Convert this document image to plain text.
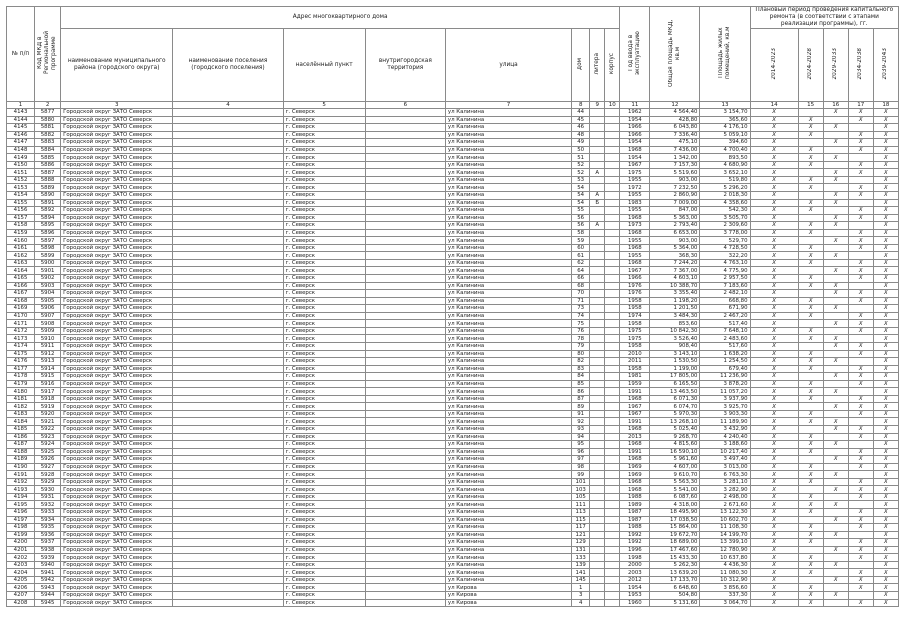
№ п/п	Код МКД в Региональной программе	Адрес многоквартирного дома								Год ввода в эксплуатацию	Общая площадь МКД, кв.м	Площадь жилых помещений, кв.м	Плановый период проведения капитального ремонта (в соответствии с этапами реализации программы), гг.				
		наименование муниципального района (городского округа)	наименование поселения (городского поселения)	населённый пункт	внутригородская территория	улица	дом	литера	корпус				2014-2023	2024-2028	2029-2033	2034-2038	2039-2043
1	2	3	4	5	6	7	8	9	10	11	12	13	14	15	16	17	18
4143	5877	Городской округ ЗАТО Северск		г. Северск		ул Калинина	44			1962	4 564,40	3 154,70	X		X	X	X
4144	5880	Городской округ ЗАТО Северск		г. Северск		ул Калинина	45			1954	428,80	365,60	X	X		X	X
4145	5881	Городской округ ЗАТО Северск		г. Северск		ул Калинина	46			1966	6 043,80	4 176,10	X	X	X		X
4146	5882	Городской округ ЗАТО Северск		г. Северск		ул Калинина	48			1966	7 336,40	5 059,10	X	X		X	X
4147	5883	Городской округ ЗАТО Северск		г. Северск		ул Калинина	49			1954	475,10	394,60	X		X	X	X
4148	5884	Городской округ ЗАТО Северск		г. Северск		ул Калинина	50			1968	7 436,00	4 700,40	X	X		X	X
4149	5885	Городской округ ЗАТО Северск		г. Северск		ул Калинина	51			1954	1 342,00	893,50	X	X	X		X
4150	5886	Городской округ ЗАТО Северск		г. Северск		ул Калинина	52			1967	7 157,30	4 680,90	X	X		X	X
4151	5887	Городской округ ЗАТО Северск		г. Северск		ул Калинина	52	А		1975	5 519,60	3 652,10	X		X	X	X
4152	5888	Городской округ ЗАТО Северск		г. Северск		ул Калинина	53			1955	903,00	519,80	X	X	X		X
4153	5889	Городской округ ЗАТО Северск		г. Северск		ул Калинина	54			1972	7 232,50	5 296,20	X	X		X	X
4154	5890	Городской округ ЗАТО Северск		г. Северск		ул Калинина	54	А		1955	2 860,90	2 018,30	X		X	X	X
4155	5891	Городской округ ЗАТО Северск		г. Северск		ул Калинина	54	Б		1983	7 009,00	4 358,60	X	X	X		X
4156	5892	Городской округ ЗАТО Северск		г. Северск		ул Калинина	55			1955	847,00	542,30	X	X		X	X
4157	5894	Городской округ ЗАТО Северск		г. Северск		ул Калинина	56			1968	5 363,00	3 505,70	X		X	X	X
4158	5895	Городской округ ЗАТО Северск		г. Северск		ул Калинина	56	А		1973	2 793,40	2 309,60	X	X	X		X
4159	5896	Городской округ ЗАТО Северск		г. Северск		ул Калинина	58			1968	6 653,00	3 778,00	X	X		X	X
4160	5897	Городской округ ЗАТО Северск		г. Северск		ул Калинина	59			1955	903,00	529,70	X		X	X	X
4161	5898	Городской округ ЗАТО Северск		г. Северск		ул Калинина	60			1968	5 364,00	4 728,50	X	X		X	X
4162	5899	Городской округ ЗАТО Северск		г. Северск		ул Калинина	61			1955	368,30	322,20	X	X	X		X
4163	5900	Городской округ ЗАТО Северск		г. Северск		ул Калинина	62			1968	7 244,20	4 763,10	X	X		X	X
4164	5901	Городской округ ЗАТО Северск		г. Северск		ул Калинина	64			1967	7 367,00	4 775,90	X		X	X	X
4165	5902	Городской округ ЗАТО Северск		г. Северск		ул Калинина	66			1966	4 603,10	2 957,50	X	X		X	X
4166	5903	Городской округ ЗАТО Северск		г. Северск		ул Калинина	68			1976	10 388,70	7 183,60	X	X	X		X
4167	5904	Городской округ ЗАТО Северск		г. Северск		ул Калинина	70			1976	3 355,40	2 482,10	X		X	X	X
4168	5905	Городской округ ЗАТО Северск		г. Северск		ул Калинина	71			1958	1 198,20	668,80	X	X		X	X
4169	5906	Городской округ ЗАТО Северск		г. Северск		ул Калинина	73			1958	1 201,50	671,90	X	X	X		X
4170	5907	Городской округ ЗАТО Северск		г. Северск		ул Калинина	74			1974	3 484,30	2 467,20	X	X		X	X
4171	5908	Городской округ ЗАТО Северск		г. Северск		ул Калинина	75			1958	853,60	517,40	X		X	X	X
4172	5909	Городской округ ЗАТО Северск		г. Северск		ул Калинина	76			1975	10 842,30	7 648,10	X	X		X	X
4173	5910	Городской округ ЗАТО Северск		г. Северск		ул Калинина	78			1975	3 526,40	2 483,60	X	X	X		X
4174	5911	Городской округ ЗАТО Северск		г. Северск		ул Калинина	79			1958	908,40	517,60	X		X	X	X
4175	5912	Городской округ ЗАТО Северск		г. Северск		ул Калинина	80			2010	3 143,10	1 638,20	X	X		X	X
4176	5913	Городской округ ЗАТО Северск		г. Северск		ул Калинина	82			2011	1 530,50	1 254,50	X	X	X		X
4177	5914	Городской округ ЗАТО Северск		г. Северск		ул Калинина	83			1958	1 199,00	679,40	X	X		X	X
4178	5915	Городской округ ЗАТО Северск		г. Северск		ул Калинина	84			1981	17 805,00	11 236,90	X		X	X	X
4179	5916	Городской округ ЗАТО Северск		г. Северск		ул Калинина	85			1959	6 165,50	3 878,20	X	X		X	X
4180	5917	Городской округ ЗАТО Северск		г. Северск		ул Калинина	86			1991	13 463,50	11 057,20	X	X	X		X
4181	5918	Городской округ ЗАТО Северск		г. Северск		ул Калинина	87			1968	6 071,30	3 937,90	X	X		X	X
4182	5919	Городской округ ЗАТО Северск		г. Северск		ул Калинина	89			1967	6 074,70	3 925,70	X		X	X	X
4183	5920	Городской округ ЗАТО Северск		г. Северск		ул Калинина	91			1967	5 970,30	3 903,30	X	X		X	X
4184	5921	Городской округ ЗАТО Северск		г. Северск		ул Калинина	92			1991	13 268,10	11 189,90	X	X	X		X
4185	5922	Городской округ ЗАТО Северск		г. Северск		ул Калинина	93			1968	5 025,40	3 432,90	X		X	X	X
4186	5923	Городской округ ЗАТО Северск		г. Северск		ул Калинина	94			2013	9 268,70	4 240,40	X	X		X	X
4187	5924	Городской округ ЗАТО Северск		г. Северск		ул Калинина	95			1968	4 815,60	3 188,60	X	X	X		X
4188	5925	Городской округ ЗАТО Северск		г. Северск		ул Калинина	96			1991	16 590,10	10 217,40	X	X		X	X
4189	5926	Городской округ ЗАТО Северск		г. Северск		ул Калинина	97			1968	5 961,60	3 497,40	X		X	X	X
4190	5927	Городской округ ЗАТО Северск		г. Северск		ул Калинина	98			1969	4 607,00	3 013,00	X	X		X	X
4191	5928	Городской округ ЗАТО Северск		г. Северск		ул Калинина	99			1969	9 610,70	6 763,30	X	X	X		X
4192	5929	Городской округ ЗАТО Северск		г. Северск		ул Калинина	101			1968	5 563,30	3 281,10	X	X		X	X
4193	5930	Городской округ ЗАТО Северск		г. Северск		ул Калинина	103			1968	5 541,00	3 282,90	X		X	X	X
4194	5931	Городской округ ЗАТО Северск		г. Северск		ул Калинина	105			1988	6 087,60	2 498,00	X	X		X	X
4195	5932	Городской округ ЗАТО Северск		г. Северск		ул Калинина	111			1989	4 318,00	2 671,60	X	X	X		X
4196	5933	Городской округ ЗАТО Северск		г. Северск		ул Калинина	113			1987	18 495,90	13 122,30	X	X		X	X
4197	5934	Городской округ ЗАТО Северск		г. Северск		ул Калинина	115			1987	17 038,50	10 602,70	X		X	X	X
4198	5935	Городской округ ЗАТО Северск		г. Северск		ул Калинина	117			1988	15 864,00	11 108,30	X	X		X	X
4199	5936	Городской округ ЗАТО Северск		г. Северск		ул Калинина	121			1992	19 672,70	14 199,70	X	X	X		X
4200	5937	Городской округ ЗАТО Северск		г. Северск		ул Калинина	129			1992	18 689,00	13 399,10	X	X		X	X
4201	5938	Городской округ ЗАТО Северск		г. Северск		ул Калинина	131			1996	17 467,60	12 780,90	X		X	X	X
4202	5939	Городской округ ЗАТО Северск		г. Северск		ул Калинина	133			1998	15 433,30	10 637,80	X	X		X	X
4203	5940	Городской округ ЗАТО Северск		г. Северск		ул Калинина	139			2000	5 262,30	4 436,30	X	X	X		X
4204	5941	Городской округ ЗАТО Северск		г. Северск		ул Калинина	141			2003	13 639,20	11 080,30	X	X		X	X
4205	5942	Городской округ ЗАТО Северск		г. Северск		ул Калинина	145			2012	17 133,70	10 312,90	X		X	X	X
4206	5943	Городской округ ЗАТО Северск		г. Северск		ул Кирова	1			1954	6 648,60	3 856,60	X	X		X	X
4207	5944	Городской округ ЗАТО Северск		г. Северск		ул Кирова	3			1953	504,80	337,30	X	X	X		X
4208	5945	Городской округ ЗАТО Северск		г. Северск		ул Кирова	4			1960	5 131,60	3 064,70	X	X		X	X
